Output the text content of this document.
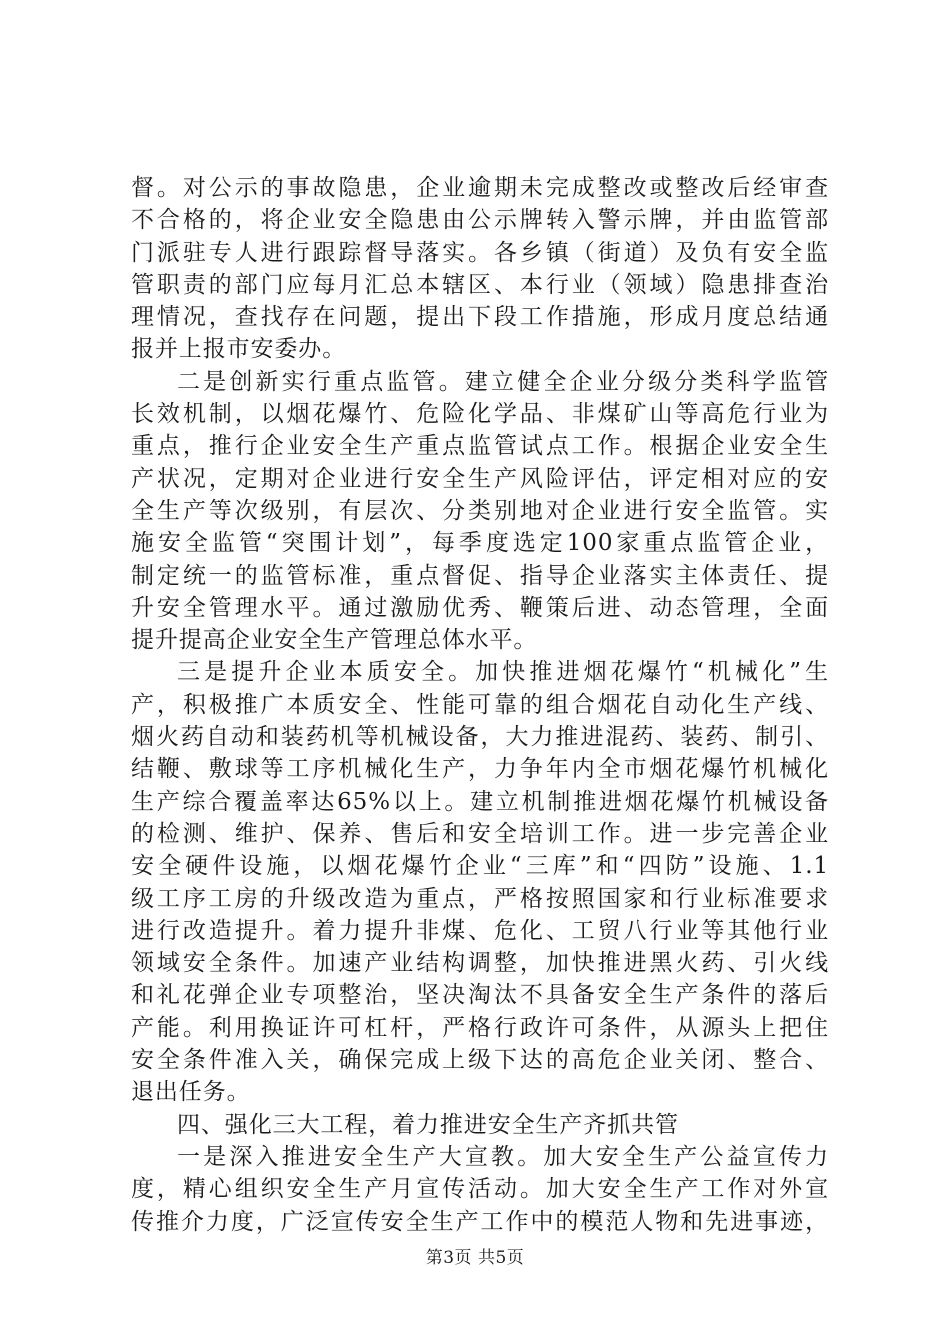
督。对公示的事故隐患，企业逾期未完成整改或整改后经审查
不合格的，将企业安全隐患由公示牌转入警示牌，并由监管部
门派驻专人进行跟踪督导落实。各乡镇（街道）及负有安全监
管职责的部门应每月汇总本辖区、本行业（领域）隐患排查治
理情况，查找存在问题，提出下段工作措施，形成月度总结通
报并上报市安委办。
二是创新实行重点监管。建立健全企业分级分类科学监管
长效机制，以烟花爆竹、危险化学品、非煤矿山等高危行业为
重点，推行企业安全生产重点监管试点工作。根据企业安全生
产状况，定期对企业进行安全生产风险评估，评定相对应的安
全生产等次级别，有层次、分类别地对企业进行安全监管。实
施安全监管“突围计划”，每季度选定100家重点监管企业，
制定统一的监管标准，重点督促、指导企业落实主体责任、提
升安全管理水平。通过激励优秀、鞭策后进、动态管理，全面
提升提高企业安全生产管理总体水平。
三是提升企业本质安全。加快推进烟花爆竹“机械化”生
产，积极推广本质安全、性能可靠的组合烟花自动化生产线、
烟火药自动和装药机等机械设备，大力推进混药、装药、制引、
结鞭、敷球等工序机械化生产，力争年内全市烟花爆竹机械化
生产综合覆盖率达65%以上。建立机制推进烟花爆竹机械设备
的检测、维护、保养、售后和安全培训工作。进一步完善企业
安全硬件设施，以烟花爆竹企业“三库”和“四防”设施、1.1
级工序工房的升级改造为重点，严格按照国家和行业标准要求
进行改造提升。着力提升非煤、危化、工贸八行业等其他行业
领域安全条件。加速产业结构调整，加快推进黑火药、引火线
和礼花弹企业专项整治，坚决淘汰不具备安全生产条件的落后
产能。利用换证许可杠杆，严格行政许可条件，从源头上把住
安全条件准入关，确保完成上级下达的高危企业关闭、整合、
退出任务。
四、强化三大工程，着力推进安全生产齐抓共管
一是深入推进安全生产大宣教。加大安全生产公益宣传力
度，精心组织安全生产月宣传活动。加大安全生产工作对外宣
传推介力度，广泛宣传安全生产工作中的模范人物和先进事迹，
第3页 共5页
